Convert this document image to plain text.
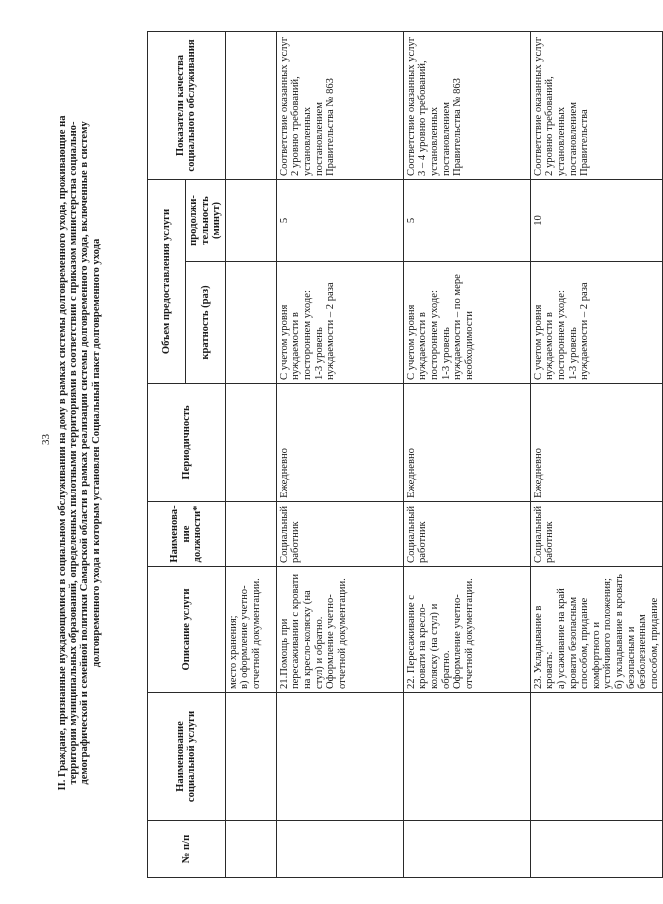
33 II. Граждане, признанные нуждающимися в социальном обслуживании на дому в рамках системы долговременного ухода, проживающие на территории муниципальных образований, определенных пилотными территориями в соответствии с приказом министерства социально- демографической и семейной политики Самарской области в рамках реализации системы долговременного ухода, включенные в систему долговременного ухода и которым установлен Социальный пакет долговременного ухода
№ п/п	Наименование социальной услуги	Описание услуги	Наименова-ние должности*	Периодичность	Объем предоставления услуги		Показатели качества социального обслуживания
					кратность (раз)	продолжи-тельность (минут)	
		место хранения;
в) оформление учетно-отчетной документации.					
		21.Помощь при пересаживании с кровати на кресло-коляску (на стул) и обратно.
Оформление учетно-отчетной документации.	Социальный работник	Ежедневно	С учетом уровня нуждаемости в постороннем уходе:
1-3 уровень нуждаемости – 2 раза	5	Соответствие оказанных услуг 2 уровню требований, установленных постановлением Правительства № 863
		22. Пересаживание с кровати на кресло-коляску (на стул) и обратно.
Оформление учетно-отчетной документации.	Социальный работник	Ежедневно	С учетом уровня нуждаемости в постороннем уходе:
1-3 уровень нуждаемости – по мере необходимости	5	Соответствие оказанных услуг 3 – 4 уровню требований, установленных постановлением Правительства № 863
		23. Укладывание в кровать:
а) усаживание на край кровати безопасным способом, придание комфортного и устойчивого положения;
б) укладывание в кровать безопасным и безболезненным способом, придание	Социальный работник	Ежедневно	С учетом уровня нуждаемости в постороннем уходе:
1-3 уровень нуждаемости – 2 раза	10	Соответствие оказанных услуг 2 уровню требований, установленных постановлением Правительства
